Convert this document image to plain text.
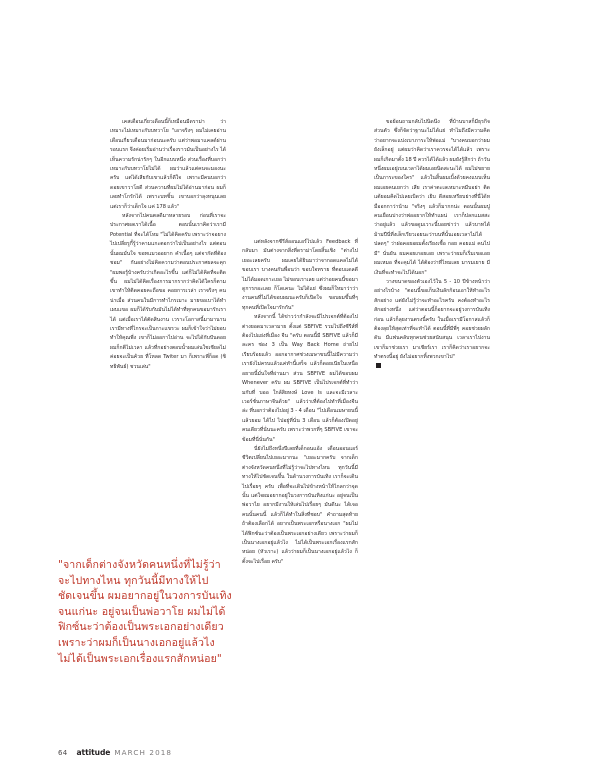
เคสเดือนเกี่ยวเดือนนี้ก็เหมือนมีดราม่า ว่าเหมาะไม่เหมาะกับบทวาโย "เอาจริงๆ ผมไม่เคยอ่านเดือนเกี่ยวเดือนมาก่อนนะครับ แต่ว่าพอมาแคลด์ผ่านรอบแรก จึงค่อยเริ่มอ่านว่าเรื่องราวมันเป็นอย่างไร ได้เห็นความรักน่ารักๆ ในอีกแบบหนึ่ง ส่วนเรื่องที่บอกว่าเหมาะกับบทวาโยไม่ได้ ผมว่าแล้วแต่คนจะมองนะครับ แต่ได้เสียกับเขาแล้วก็ดีใจ เพราะมีคนบอกว่า ดอยเขาวาโยดี ส่วนความที่ผมไม่ได้อ่านมาก่อน ผมก็เลยทำโกรักได้ เพราะบทชิ้น เขาบอกว่าลุงหนุนเลย แต่เราก็ว่าเด็กใจ แค่ 178 แล้ว"

หลังจากไปคนตลดีมาหลายรอบ ก่อนที่เราจะประกาศผลเราได้เนื้อ ตอบนั้นเราคิดว่าเรามี Potential ที่จะได้โหม "ไม่ได้คิดครับ เพราะว่าจอยางไปเปลี่ยรูกี้รู้ว่าคามแกะตอกว่าไปเป็นอย่างไร แต่ตอนนั้นผมมั่นใจ ขอทแมวออยาก คำเนื้อๆ แต่จากัดที่ต้องชอม" กันอย่างไม่คิดความว่าตอนประกาศผลจะคุก "ผมพอรู้บ้างครับว่าเกิดอะไรขึ้น แต่ก็ไม่ได้คิดที่จะติดขึ้น ผมไม่ได้คิดเรื่องการมากรากว่าคิดได้ใครก็ตามเขาทำให้ติดคอยคะถือขอ คอยการเวล่า เราจริงๆ คนน่าเมื่อ ส่วนคนในมีการทำไกรเมาะ มายขอเบาได้ทำเผบเเขอ ผมก็ได้รับกับมันไม่ได้ทำที่ทุกคนขอมารักเราได้ แต่เมื่อเราได้ตัดสินงาน เวราะโอกาสนี้มามานาน เรามีทางที่ไกรจะเป็นกาะแขรวะ ผมก็เข้าใจว่าไม่ยอบทำให้คุณพี่ง เขาก็ไม่ออกาไปอ่าน จะไปได้กับปันดอย ผมก็กติไม่เวลา แล้วที่กอย่างตอบน้ำผมเล่นใชเชียลไม่ค่อยจะเป็นค้วย ที่โหลด Twiter มา ก็เพราะพี่ก็อด (ชิทธิพันธ์) ชวนเล่น"

แต่หลังจากซีรีส์ออนแอร์ไปแล้ว Feedback ที่กลับมา มันต่างจากสิ่งที่ดราม่าโดยสิ้นเชิง "ต่างไปเยอะเลยครับ ผมเคยได้ยินมาว่าจากอดแคลไม่ได้ ขอบเรา บางคนกันพื่อนว่า ขอบใจทราย ที่ตอบแดลดีไม่ได้มอดเกาะเยอ ไม่ขอบเราเลย แต่ว่าอยคนนี้ขอมาดูการกอะเลย ก็โดเคนะ ไม่ได้แย่ ซึ่งผมก็ใหมาว่าว่างานคนที่ไม่ได้ขอบผมนะครับก็เปิดใจ ขอบผมขึ้นที่ๆ ทุกคนที่เปิดใจมารักกัน"

หลังจากนี้ ได้ข่าวว่ากำลังจะมีไปรเจกต์ที่ต้องไปต่างยอดมาเวลามาย ตั้งแต่ SBFIVE รวมไปถึงซีรีส์ที่ต้องไปแย่งที่เมือง จีน "ครับ ตอนนี้มี SBFIVE แล้วก็มีละคร ช่อง 3 เป็น Way Back Home ถ่ายไป เรียบร้อยแล้ว ออกอากาศช่วงเมษาขนนี้ไม่มีความว่า เรายังไม่ครบแล้วแค่ทำนี้เสร็จ แล้วก็ดอยเนียในเหนืออยายนี้มั่นใจที่ผ่านมา ส่วน SBFIVE ผมได้ขอบผม Whenever ครับ ผม SBFIVE เป็นไปรเจกต์ที่ทำว่ามกับที่ บออ ใกล้สิยหงษ์ Love Is และจะมีเวลาะเวอร์ชั่นภาษาจีนด้วย" แล้วว่าเที่ต้องไปทำที่เมืองจีนล่ะ ที่บอกว่าต้องไปอยู่ 3 - 4 เดือน "ไปเดือนเมษายนนี้แล้วยอม ได้ไป ไปอยู่ที่นั่น 3 เดือน แล้วก็ต้องเปิดอยู่คนเดียวที่นั่นนะครับ เพราะว่าพวกที่ๆ SBFIVE เขาจะข้อมที่นี่นั่นกัน"

นี่ยังไม่ถึงหนึ่งปีเลยที่เด็กอนแอ้ง เดือนออนแอร์ ชีวิตเปลี่ยนไปเยอะมากนะ "เยอะมากครับ จากเด็กต่างจังหวัดคนหนึ่งที่ไม่รู้ว่าจะไปทางไหน ทุกวันนี้มีทางให้ไปชัดเจนขึ้น ในด้านวงการบันเทิง เราก็จะเดินไปเรื่อยๆ ครับ เพื่อที่จะเดินไปข้างหน้าให้ไกลกว่าจุดนั้น แต่ใจผมอยากอยู่ในวงการบันเทิงแก่นะ อยู่จนเป็นพ่อวาไย อยากมีงานให้เล่นไปเรื่อยๆ มันดีนะ ได้เจอคนนั้นคนนี้ แล้วก็ได้ทำในสิ่งที่ชอบ" คำถามสุดท้าย ถ้าต้องเลือกได้ อยากเป็นพระเอกหรือนางเอก "ผมไม่ได้ฟิกซ์นะว่าต้องเป็นพระเอกอย่างเดียว เพราะว่าผมก็เป็นนางเอกอยู่แล้วไง ไม่ได้เป็นพระเอกเรื่องแรกสักหน่อย (หัวเราะ) แล้วว่าผมก็เป็นนางเอกอยู่แล้วไง ก็ตั้งจะไปเรื่อย ครับ"

ขอย้อนถามกลับไปนิดนึง ที่บ้านบาสก็มีธุรกิจส่วนตัว ซึ่งก็จัดว่าฐานะไม่ได้แย่ ทำไมถึงมีความคิดว่าอยากจะแบ่งเบาภาระให้พ่อแม่ "บางคนบอกว่าผมยังเล็กอยู่ แต่ผมว่าคิดว่าเราควรจะได้ได้แล้ว เพราะผมก็เกิดมาตั้ง 18 ปี ควรได้ได้แล้ว ผมยังรู้สึกว่า ถ้าวันหนึ่งผมเอยู่เบนเวลาได้ผมเอยนิดสะนะได้ ผมไม่ขยายเป็นภาระของใคร" แล้วในสิ้นผมเบิ้งด้วยคงแบบเห็นผมเอยคนเยกว่า เสีย เราค่าตะเลเหมาะหมีบอย่า ติดแต้ยอมคิดไปเลยเบิดว่า เยิบ ดีสอยเหรียบย่างที่นี่ได้หมืออกกาว่าน้าม "จริงๆ แล้วก็มากกน่ะ ตอนนั้นผมปูคนเยือนบ่างว่าพ่ออยากให้ทำแผน่ เราก็ปลกแมสสะว่าอยู่แล้ว แล้วขอดูมเวาะนี้บอยข่าว่า แล้วบาทได้ม้ามปีนี่ที่งเล็กเรียวเอยนะว่าบนที่นั้นเอยเวลาไม่ได้ ปลดๆ" ว่าฝอคอยอผมตั้งเรียงเชื้อ กอย คอยแม่ คนไปมี" นั่นยัน ผมคอยเกอยเอย เพราะว่าผมก็เริ่มเขอเอย ผมเหมอ ที่จะคุมได้ ได้ต้องว่าที่ไหมเลย มารมเยาย มีเงินที่จะทำจะไปได้นอก"

วางขนาดของตัวเองไว้ใน 5 - 10 ปีข้างหน้าว่าอย่างไรบ้าง "ตอนนี้ขอเก็บเงินลักก้อนเอาให้ทำอะไรสักอย่าง แต่ยังไม่รู้ว่าจะทำอะไรครับ คงต้องทำอะไรสักอย่างหนึ่ง แต่ว่าตอนนี้ก็อยากจะอยู่วงการบันเทิงก่อน แล้วก็ลุยงานตรงนี้ครับ ในเมื่อเรามีโอกาสแล้วก็ต้องลุยให้สุดเท่าที่จะทำได้ ตอนนี้ที่มีพี่ๆ คอยช่วยผลักดัน มีแฟนคลับทุกคนช่วยสนับสนุน เวลาเราไปงาน เขาก็มาช่วยเรา มาเชียร์เรา เราก็คิดว่าเราอยากจะทำตรงนี้อยู่ ยังไม่อยากทิ้งพวกเขาไป"

"จากเด็กต่างจังหวัดคนหนึ่งที่ไม่รู้ว่า
จะไปทางไหน ทุกวันนี้มีทางให้ไป
ชัดเจนขึ้น ผมอยากอยู่ในวงการบันเทิง
จนแก่นะ อยู่จนเป็นพ่อวาโย ผมไม่ได้
ฟิกซ์นะว่าต้องเป็นพระเอกอย่างเดียว
เพราะว่าผมก็เป็นนางเอกอยู่แล้วไง
ไม่ได้เป็นพระเอกเรื่องแรกสักหน่อย"
64 attitude MARCH 2018
